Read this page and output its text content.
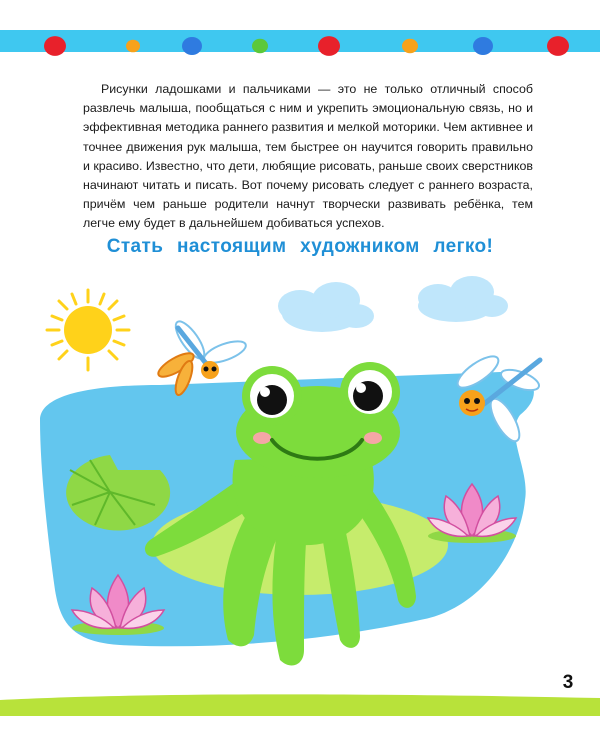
Рисунки ладошками и пальчиками — это не только отличный способ развлечь малыша, пообщаться с ним и укрепить эмоциональную связь, но и эффективная методика раннего развития и мелкой моторики. Чем активнее и точнее движения рук малыша, тем быстрее он научится говорить правильно и красиво. Известно, что дети, любящие рисовать, раньше своих сверстников начинают читать и писать. Вот почему рисовать следует с раннего возраста, причём чем раньше родители начнут творчески развивать ребёнка, тем легче ему будет в дальнейшем добиваться успехов.

Стать настоящим художником легко!
3
